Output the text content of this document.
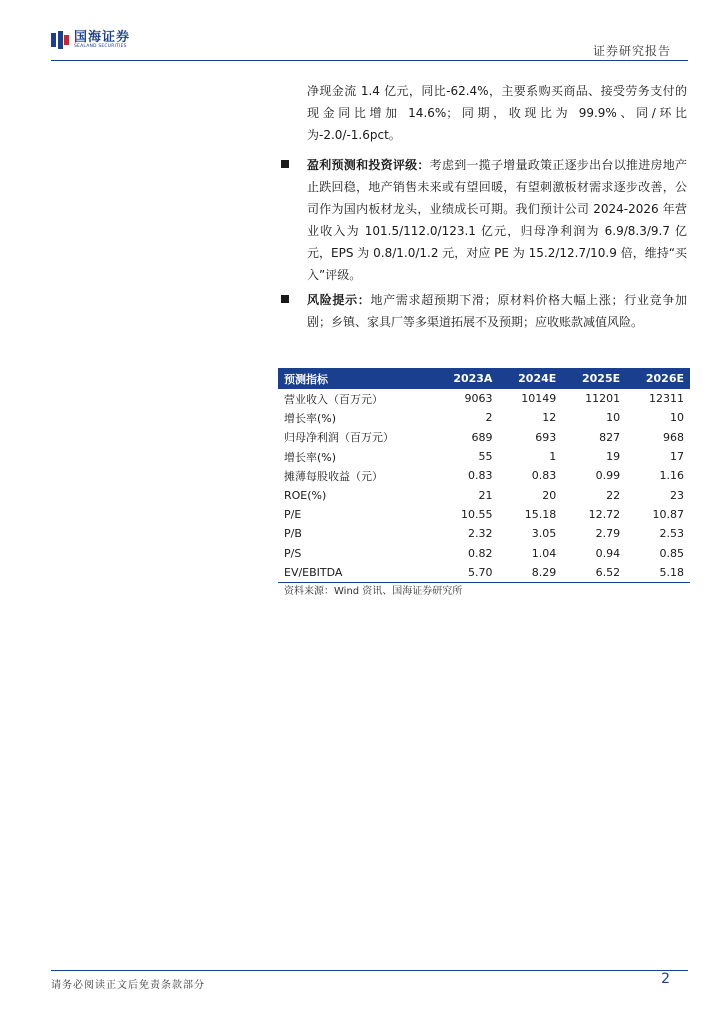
国海证券
SEALAND SECURITIES	证券研究报告
净现金流 1.4 亿元，同比-62.4%，主要系购买商品、接受劳务支付的现金同比增加 14.6%；同期，收现比为 99.9%、同/环比为-2.0/-1.6pct。
盈利预测和投资评级：考虑到一揽子增量政策正逐步出台以推进房地产止跌回稳，地产销售未来或有望回暖，有望刺激板材需求逐步改善，公司作为国内板材龙头，业绩成长可期。我们预计公司 2024-2026 年营业收入为 101.5/112.0/123.1 亿元，归母净利润为 6.9/8.3/9.7 亿元，EPS 为 0.8/1.0/1.2 元，对应 PE 为 15.2/12.7/10.9 倍，维持“买入”评级。
风险提示：地产需求超预期下滑；原材料价格大幅上涨；行业竞争加剧；乡镇、家具厂等多渠道拓展不及预期；应收账款减值风险。
预测指标	2023A	2024E	2025E	2026E
营业收入（百万元）	9063	10149	11201	12311
增长率(%)	2	12	10	10
归母净利润（百万元）	689	693	827	968
增长率(%)	55	1	19	17
摊薄每股收益（元）	0.83	0.83	0.99	1.16
ROE(%)	21	20	22	23
P/E	10.55	15.18	12.72	10.87
P/B	2.32	3.05	2.79	2.53
P/S	0.82	1.04	0.94	0.85
EV/EBITDA	5.70	8.29	6.52	5.18
资料来源：Wind 资讯、国海证券研究所
请务必阅读正文后免责条款部分	2
